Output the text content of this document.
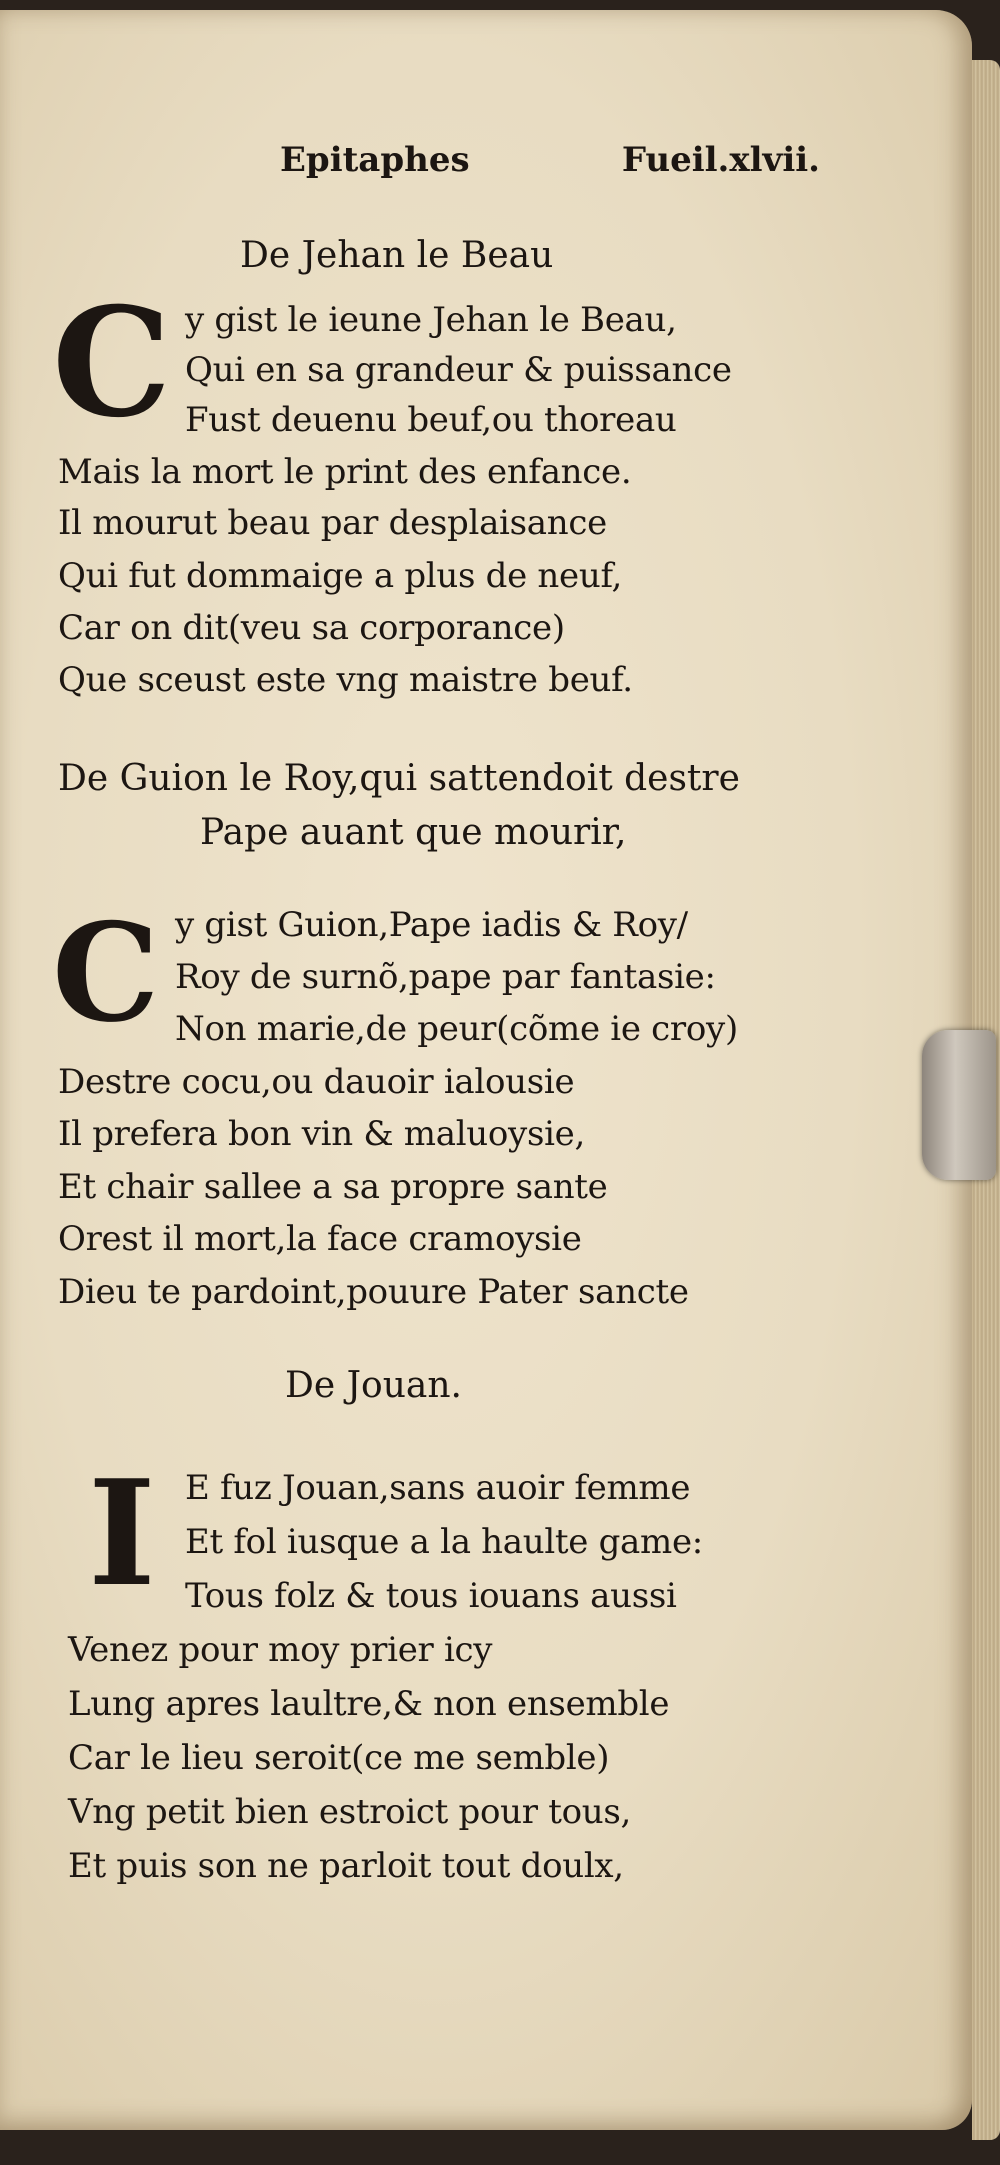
Epitaphes	Fueil.xlvii.
De Jehan le Beau
C y gist le ieune Jehan le Beau,
Qui en sa grandeur & puissance
Fust deuenu beuf,ou thoreau
Mais la mort le print des enfance.
Il mourut beau par desplaisance
Qui fut dommaige a plus de neuf,
Car on dit(veu sa corporance)
Que sceust este vng maistre beuf.
De Guion le Roy,qui sattendoit destre
Pape auant que mourir,
C y gist Guion,Pape iadis & Roy/
Roy de surnõ,pape par fantasie:
Non marie,de peur(cõme ie croy)
Destre cocu,ou dauoir ialousie
Il prefera bon vin & maluoysie,
Et chair sallee a sa propre sante
Orest il mort,la face cramoysie
Dieu te pardoint,pouure Pater sancte
De Jouan.
I E fuz Jouan,sans auoir femme
Et fol iusque a la haulte game:
Tous folz & tous iouans aussi
Venez pour moy prier icy
Lung apres laultre,& non ensemble
Car le lieu seroit(ce me semble)
Vng petit bien estroict pour tous,
Et puis son ne parloit tout doulx,
